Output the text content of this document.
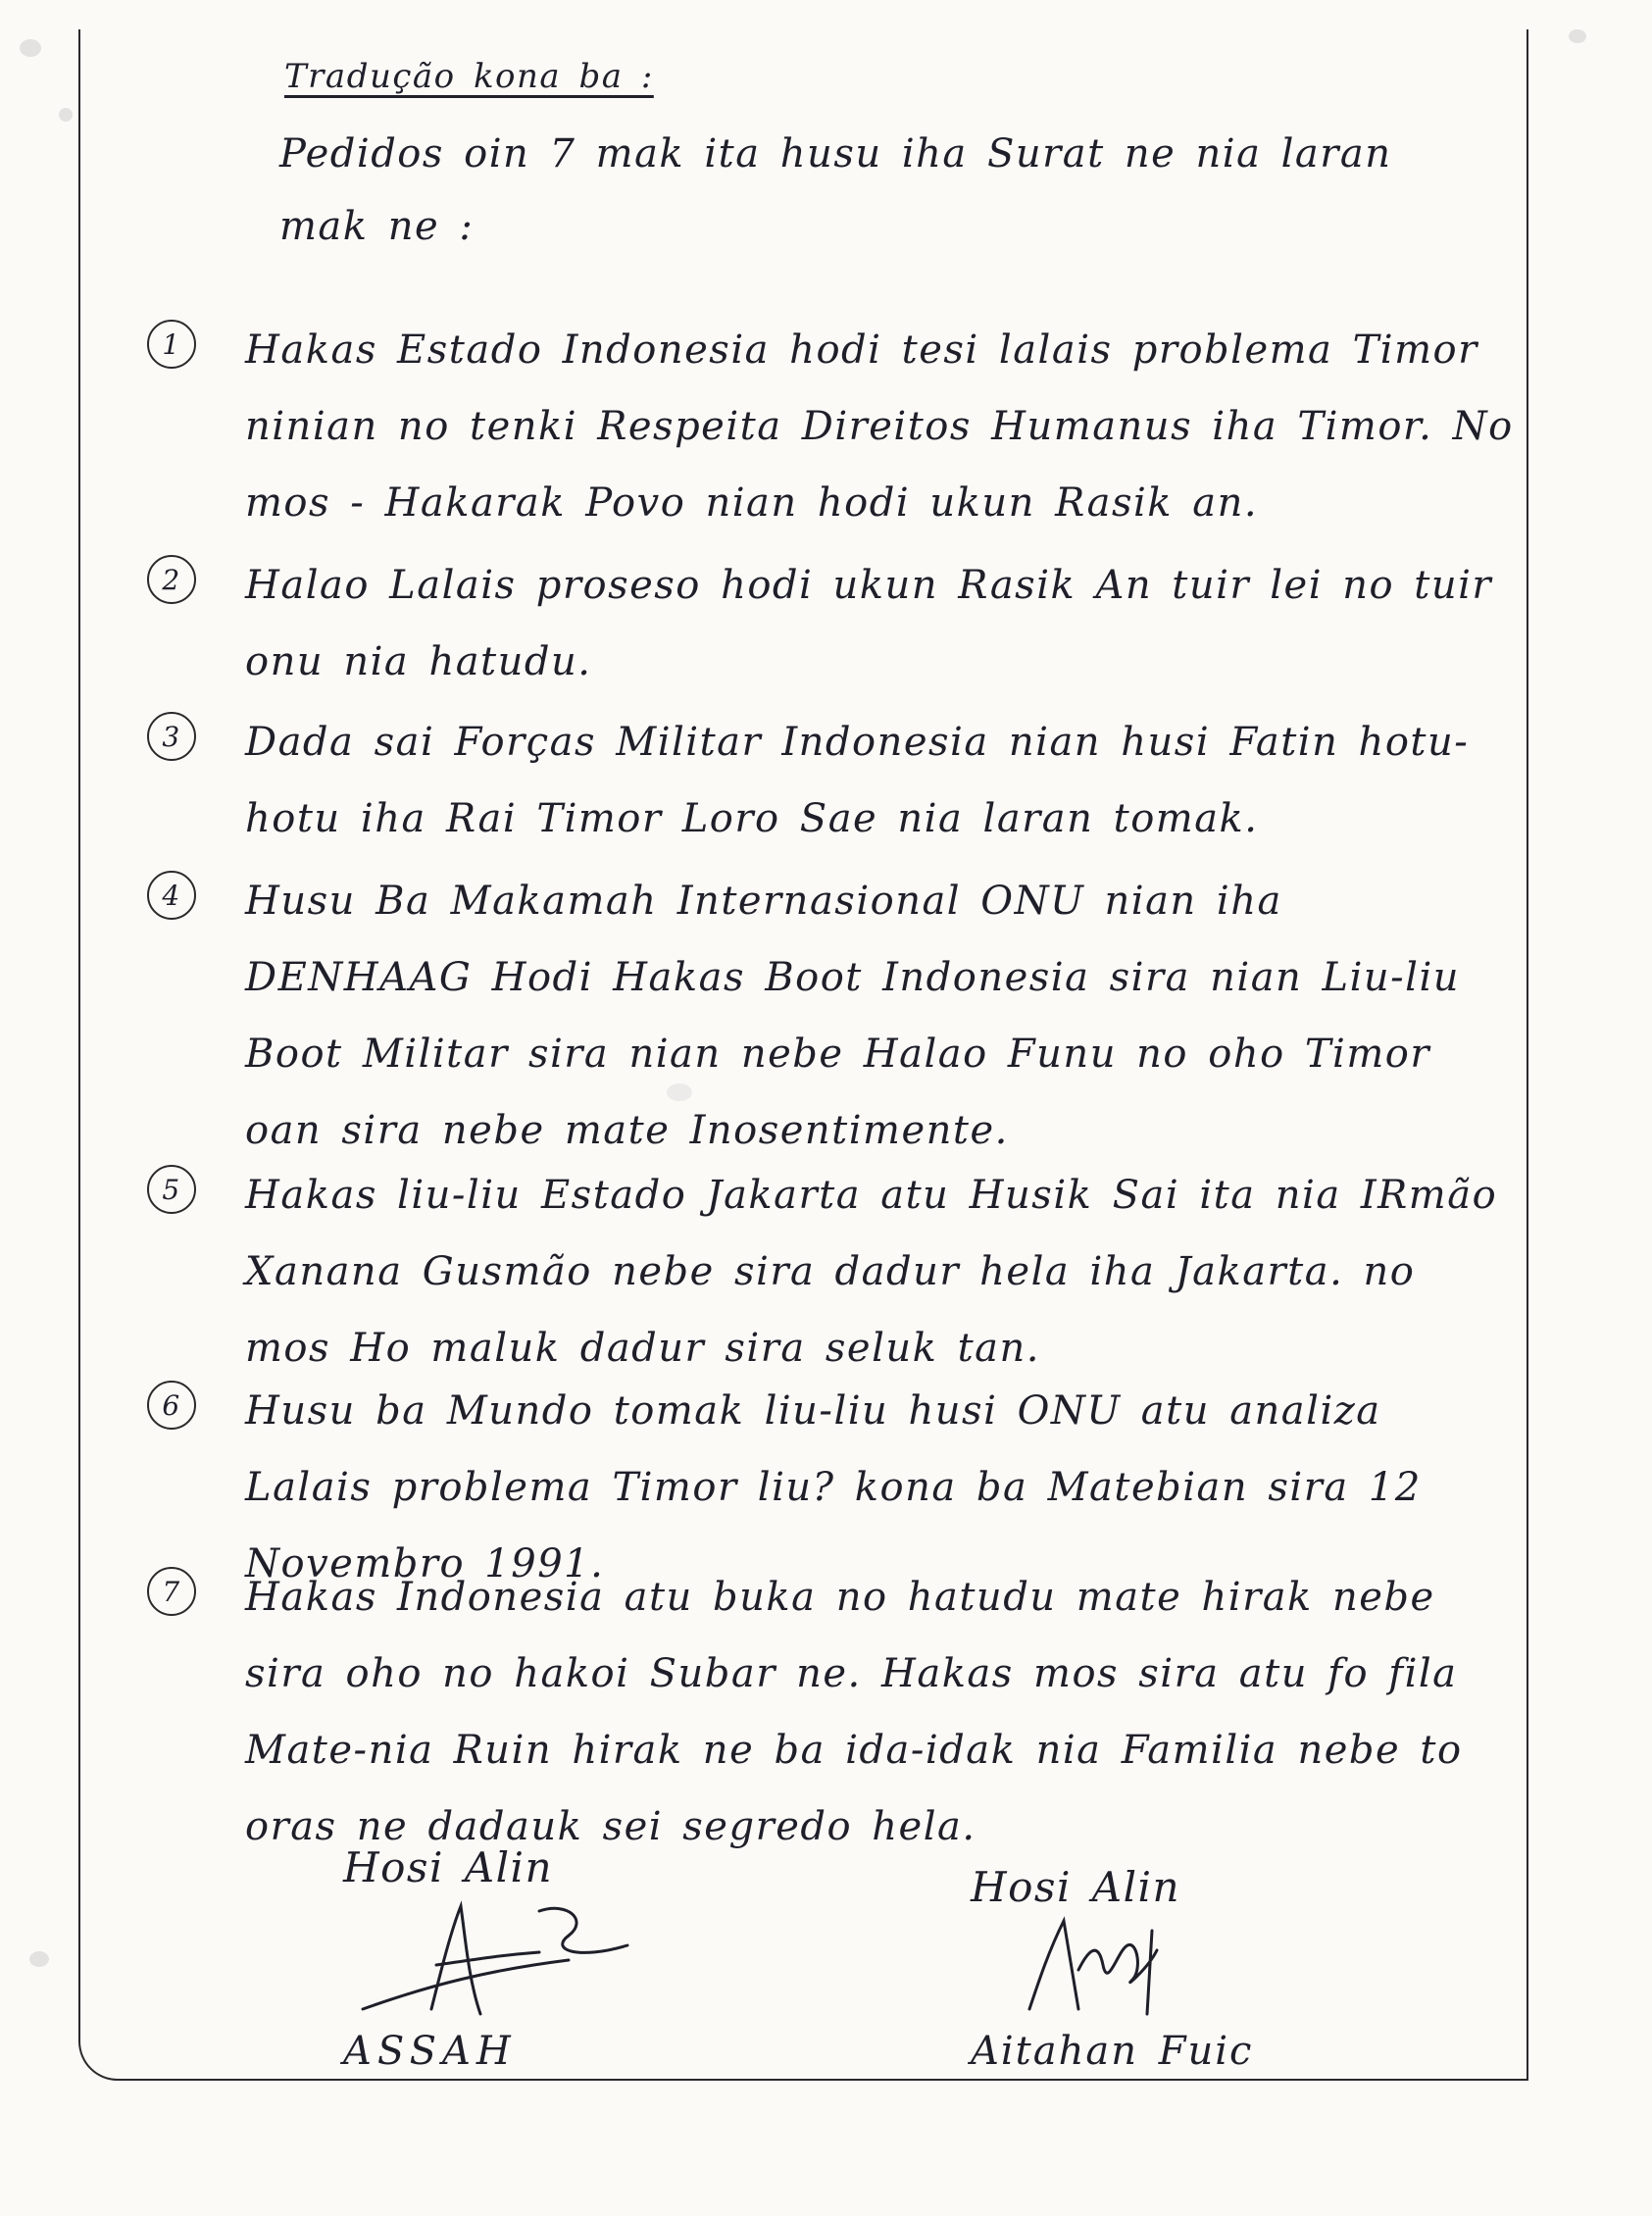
Tradução kona ba :
Pedidos oin 7 mak ita husu iha Surat ne nia laran mak ne :
1	Hakas Estado Indonesia hodi tesi lalais problema Timor ninian no tenki Respeita Direitos Humanus iha Timor. No mos - Hakarak Povo nian hodi ukun Rasik an.
2	Halao Lalais proseso hodi ukun Rasik An tuir lei no tuir onu nia hatudu.
3	Dada sai Forças Militar Indonesia nian husi Fatin hotu-hotu iha Rai Timor Loro Sae nia laran tomak.
4	Husu Ba Makamah Internasional ONU nian iha DENHAAG Hodi Hakas Boot Indonesia sira nian Liu-liu Boot Militar sira nian nebe Halao Funu no oho Timor oan sira nebe mate Inosentimente.
5	Hakas liu-liu Estado Jakarta atu Husik Sai ita nia IRmão Xanana Gusmão nebe sira dadur hela iha Jakarta. no mos Ho maluk dadur sira seluk tan.
6	Husu ba Mundo tomak liu-liu husi ONU atu analiza Lalais problema Timor liu? kona ba Matebian sira 12 Novembro 1991.
7	Hakas Indonesia atu buka no hatudu mate hirak nebe sira oho no hakoi Subar ne. Hakas mos sira atu fo fila Mate-nia Ruin hirak ne ba ida-idak nia Familia nebe to oras ne dadauk sei segredo hela.
Hosi Alin
ASSAH
Hosi Alin
Aitahan Fuic
